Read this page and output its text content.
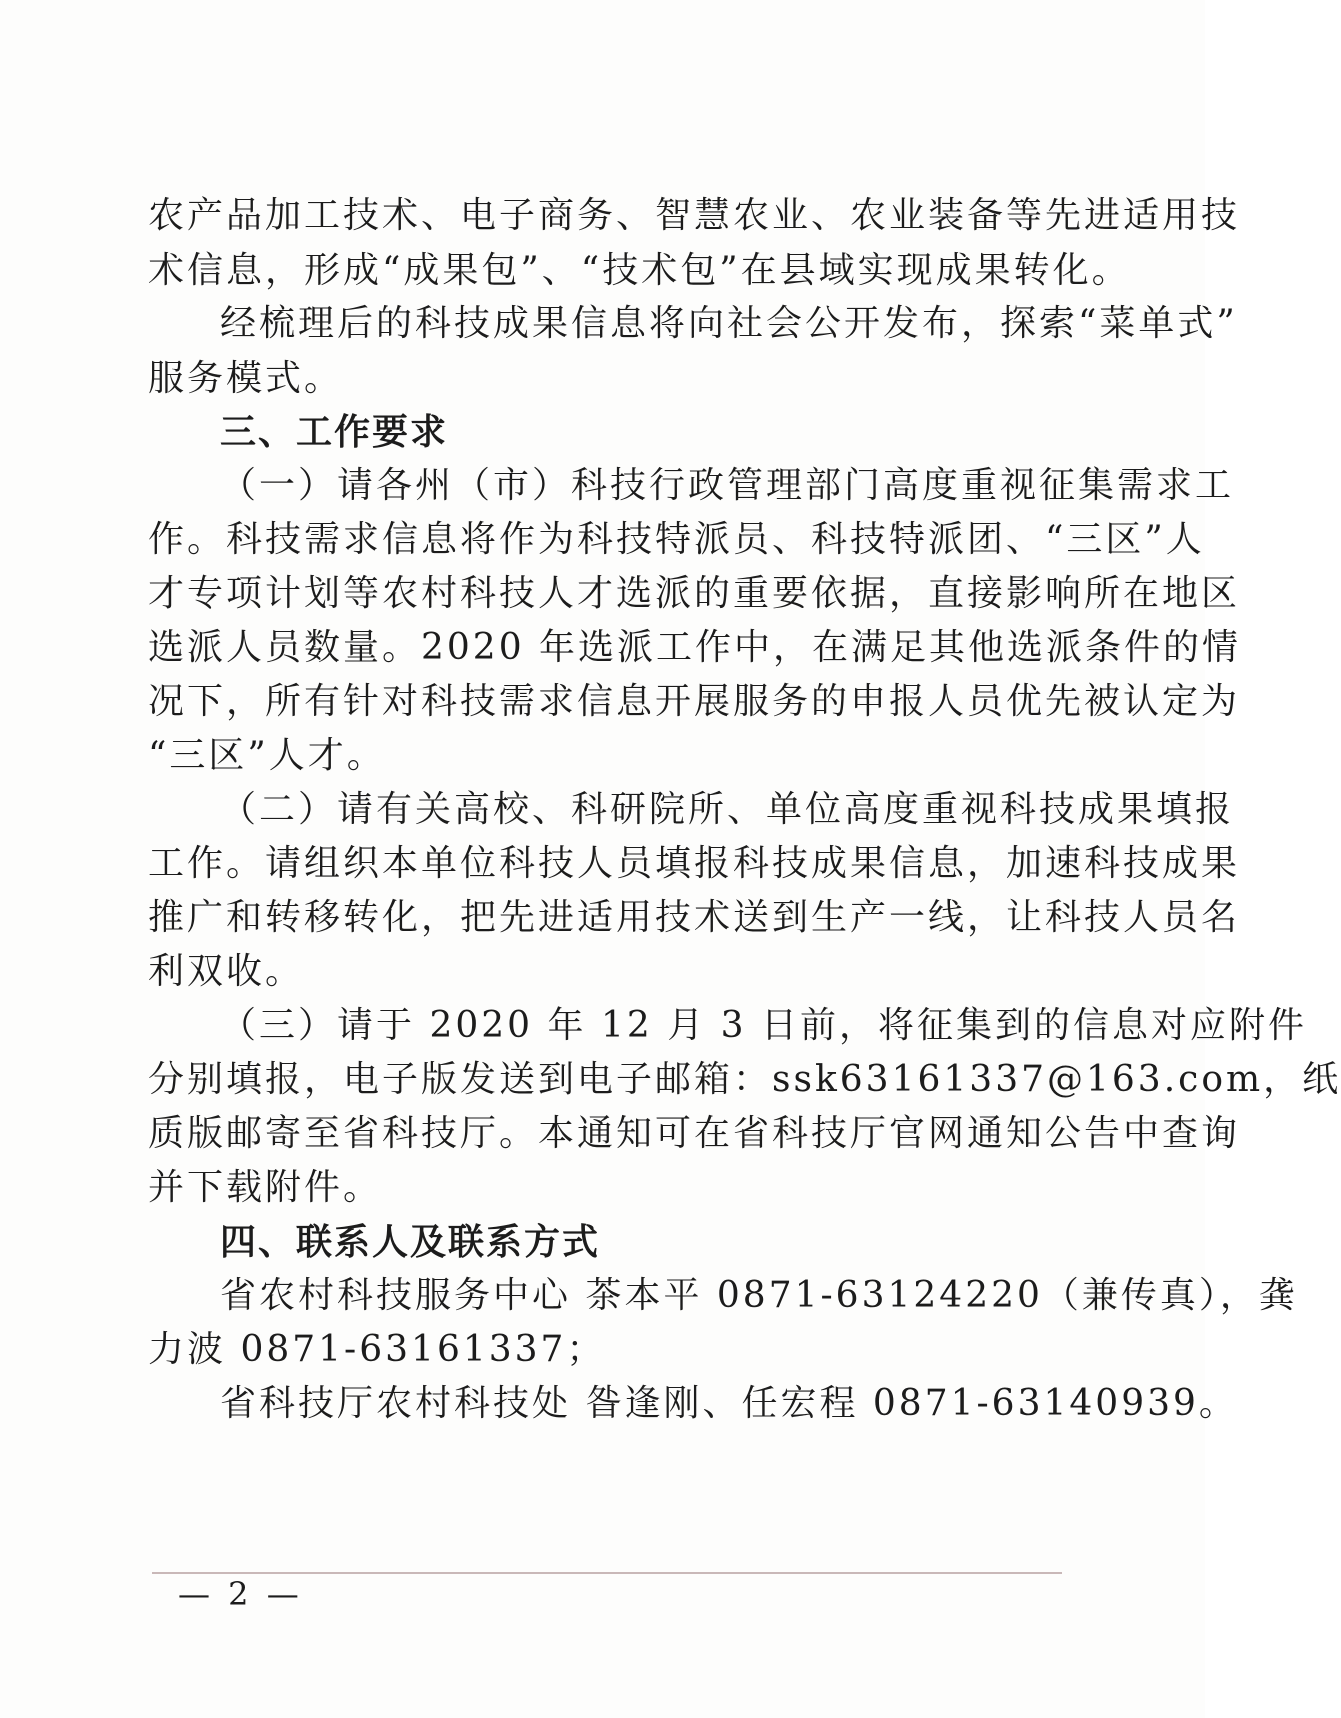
农产品加工技术、电子商务、智慧农业、农业装备等先进适用技
术信息，形成“成果包”、“技术包”在县域实现成果转化。
经梳理后的科技成果信息将向社会公开发布，探索“菜单式”
服务模式。
三、工作要求
（一）请各州（市）科技行政管理部门高度重视征集需求工
作。科技需求信息将作为科技特派员、科技特派团、“三区”人
才专项计划等农村科技人才选派的重要依据，直接影响所在地区
选派人员数量。2020 年选派工作中，在满足其他选派条件的情
况下，所有针对科技需求信息开展服务的申报人员优先被认定为
“三区”人才。
（二）请有关高校、科研院所、单位高度重视科技成果填报
工作。请组织本单位科技人员填报科技成果信息，加速科技成果
推广和转移转化，把先进适用技术送到生产一线，让科技人员名
利双收。
（三）请于 2020 年 12 月 3 日前，将征集到的信息对应附件
分别填报，电子版发送到电子邮箱：ssk63161337@163.com，纸
质版邮寄至省科技厅。本通知可在省科技厅官网通知公告中查询
并下载附件。
四、联系人及联系方式
省农村科技服务中心 茶本平 0871-63124220（兼传真），龚
力波 0871-63161337；
省科技厅农村科技处 昝逢刚、任宏程 0871-63140939。
— 2 —
